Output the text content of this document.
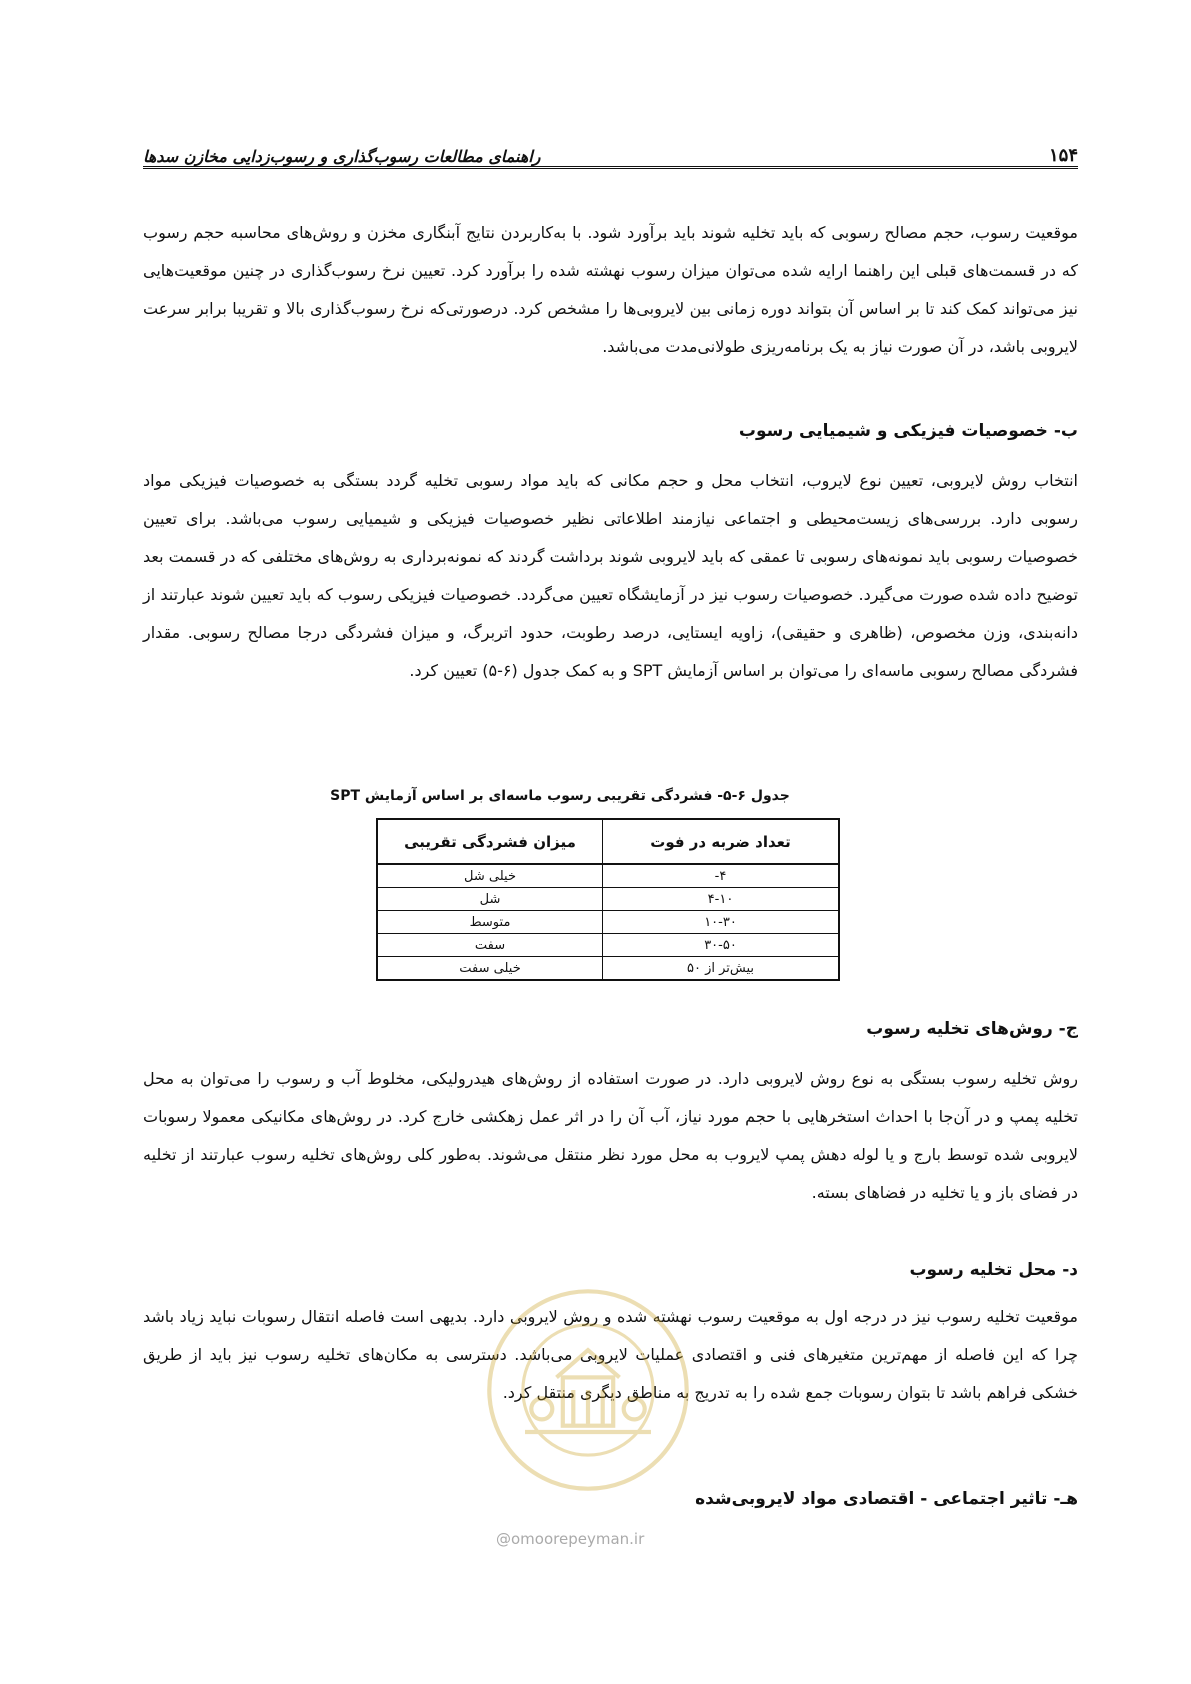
۱۵۴
راهنمای مطالعات رسوب‌گذاری و رسوب‌زدایی مخازن سدها

موقعیت رسوب، حجم مصالح رسوبی که باید تخلیه شوند باید برآورد شود. با به‌کاربردن نتایج آبنگاری مخزن و روش‌های محاسبه حجم رسوب که در قسمت‌های قبلی این راهنما ارایه شده می‌توان میزان رسوب نهشته شده را برآورد کرد. تعیین نرخ رسوب‌گذاری در چنین موقعیت‌هایی نیز می‌تواند کمک کند تا بر اساس آن بتواند دوره زمانی بین لایروبی‌ها را مشخص کرد. درصورتی‌که نرخ رسوب‌گذاری بالا و تقریبا برابر سرعت لایروبی باشد، در آن صورت نیاز به یک برنامه‌ریزی طولانی‌مدت می‌باشد.

ب- خصوصیات فیزیکی و شیمیایی رسوب

انتخاب روش لایروبی، تعیین نوع لایروب، انتخاب محل و حجم مکانی که باید مواد رسوبی تخلیه گردد بستگی به خصوصیات فیزیکی مواد رسوبی دارد. بررسی‌های زیست‌محیطی و اجتماعی نیازمند اطلاعاتی نظیر خصوصیات فیزیکی و شیمیایی رسوب می‌باشد. برای تعیین خصوصیات رسوبی باید نمونه‌های رسوبی تا عمقی که باید لایروبی شوند برداشت گردند که نمونه‌برداری به روش‌های مختلفی که در قسمت بعد توضیح داده شده صورت می‌گیرد. خصوصیات رسوب نیز در آزمایشگاه تعیین می‌گردد. خصوصیات فیزیکی رسوب که باید تعیین شوند عبارتند از دانه‌بندی، وزن مخصوص، (ظاهری و حقیقی)، زاویه ایستایی، درصد رطوبت، حدود اتربرگ، و میزان فشردگی درجا مصالح رسوبی. مقدار فشردگی مصالح رسوبی ماسه‌ای را می‌توان بر اساس آزمایش SPT و به کمک جدول (۶-۵) تعیین کرد.

جدول ۶-۵- فشردگی تقریبی رسوب ماسه‌ای بر اساس آزمایش SPT
تعداد ضربه در فوت	میزان فشردگی تقریبی
۴-	خیلی شل
۴-۱۰	شل
۱۰-۳۰	متوسط
۳۰-۵۰	سفت
بیش‌تر از ۵۰	خیلی سفت
ج- روش‌های تخلیه رسوب

روش تخلیه رسوب بستگی به نوع روش لایروبی دارد. در صورت استفاده از روش‌های هیدرولیکی، مخلوط آب و رسوب را می‌توان به محل تخلیه پمپ و در آن‌جا با احداث استخرهایی با حجم مورد نیاز، آب آن را در اثر عمل زهکشی خارج کرد. در روش‌های مکانیکی معمولا رسوبات لایروبی شده توسط بارج و یا لوله دهش پمپ لایروب به محل مورد نظر منتقل می‌شوند. به‌طور کلی روش‌های تخلیه رسوب عبارتند از تخلیه در فضای باز و یا تخلیه در فضاهای بسته.

د- محل تخلیه رسوب

موقعیت تخلیه رسوب نیز در درجه اول به موقعیت رسوب نهشته شده و روش لایروبی دارد. بدیهی است فاصله انتقال رسوبات نباید زیاد باشد چرا که این فاصله از مهم‌ترین متغیرهای فنی و اقتصادی عملیات لایروبی می‌باشد. دسترسی به مکان‌های تخلیه رسوب نیز باید از طریق خشکی فراهم باشد تا بتوان رسوبات جمع شده را به تدریج به مناطق دیگری منتقل کرد.

هـ- تاثیر اجتماعی - اقتصادی مواد لایروبی‌شده
@omoorepeyman.ir
